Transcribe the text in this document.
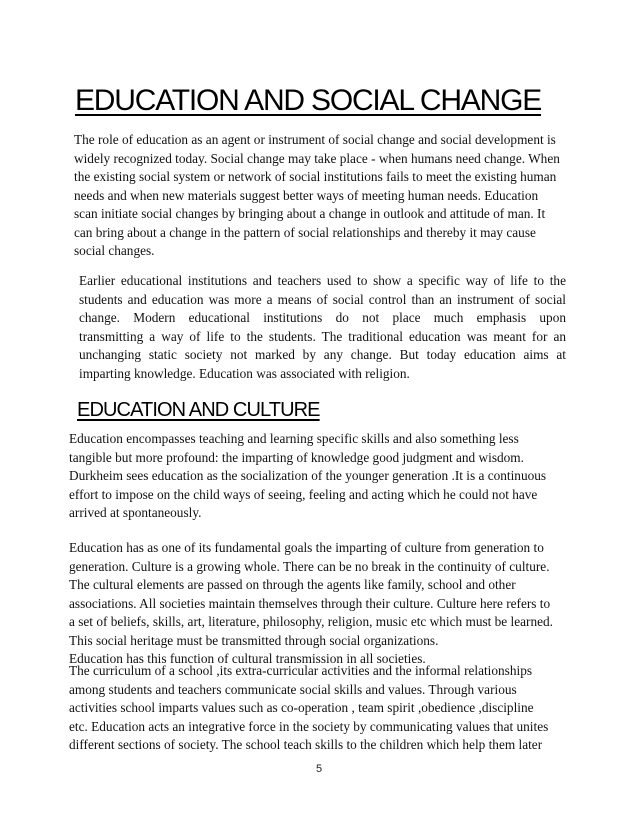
EDUCATION AND SOCIAL CHANGE

The role of education as an agent or instrument of social change and social development is
widely recognized today. Social change may take place - when humans need change. When
the existing social system or network of social institutions fails to meet the existing human
needs and when new materials suggest better ways of meeting human needs. Education
scan initiate social changes by bringing about a change in outlook and attitude of man. It
can bring about a change in the pattern of social relationships and thereby it may cause
social changes.

Earlier educational institutions and teachers used to show a specific way of life to the
students and education was more a means of social control than an instrument of social
change. Modern educational institutions do not place much emphasis upon
transmitting a way of life to the students. The traditional education was meant for an
unchanging static society not marked by any change. But today education aims at
imparting knowledge. Education was associated with religion.

EDUCATION AND CULTURE

Education encompasses teaching and learning specific skills and also something less
tangible but more profound: the imparting of knowledge good judgment and wisdom.
Durkheim sees education as the socialization of the younger generation .It is a continuous
effort to impose on the child ways of seeing, feeling and acting which he could not have
arrived at spontaneously.

Education has as one of its fundamental goals the imparting of culture from generation to
generation. Culture is a growing whole. There can be no break in the continuity of culture.
The cultural elements are passed on through the agents like family, school and other
associations. All societies maintain themselves through their culture. Culture here refers to
a set of beliefs, skills, art, literature, philosophy, religion, music etc which must be learned.
This social heritage must be transmitted through social organizations.
Education has this function of cultural transmission in all societies.

The curriculum of a school ,its extra-curricular activities and the informal relationships
among students and teachers communicate social skills and values. Through various
activities school imparts values such as co-operation , team spirit ,obedience ,discipline
etc. Education acts an integrative force in the society by communicating values that unites
different sections of society. The school teach skills to the children which help them later

5
